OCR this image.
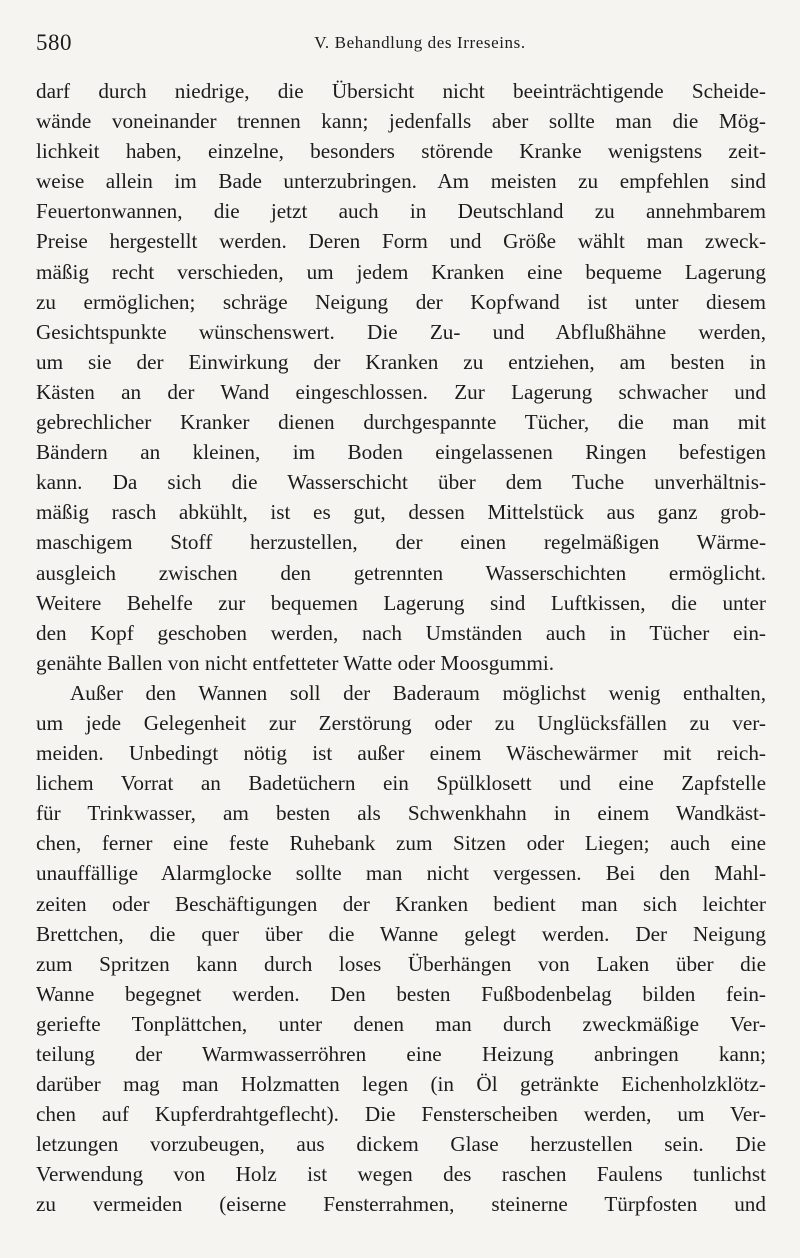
580	V. Behandlung des Irreseins.
darf durch niedrige, die Übersicht nicht beeinträchtigende Scheide-
wände voneinander trennen kann; jedenfalls aber sollte man die Mög-
lichkeit haben, einzelne, besonders störende Kranke wenigstens zeit-
weise allein im Bade unterzubringen. Am meisten zu empfehlen sind
Feuertonwannen, die jetzt auch in Deutschland zu annehmbarem
Preise hergestellt werden. Deren Form und Größe wählt man zweck-
mäßig recht verschieden, um jedem Kranken eine bequeme Lagerung
zu ermöglichen; schräge Neigung der Kopfwand ist unter diesem
Gesichtspunkte wünschenswert. Die Zu- und Abflußhähne werden,
um sie der Einwirkung der Kranken zu entziehen, am besten in
Kästen an der Wand eingeschlossen. Zur Lagerung schwacher und
gebrechlicher Kranker dienen durchgespannte Tücher, die man mit
Bändern an kleinen, im Boden eingelassenen Ringen befestigen
kann. Da sich die Wasserschicht über dem Tuche unverhältnis-
mäßig rasch abkühlt, ist es gut, dessen Mittelstück aus ganz grob-
maschigem Stoff herzustellen, der einen regelmäßigen Wärme-
ausgleich zwischen den getrennten Wasserschichten ermöglicht.
Weitere Behelfe zur bequemen Lagerung sind Luftkissen, die unter
den Kopf geschoben werden, nach Umständen auch in Tücher ein-
genähte Ballen von nicht entfetteter Watte oder Moosgummi.
Außer den Wannen soll der Baderaum möglichst wenig enthalten,
um jede Gelegenheit zur Zerstörung oder zu Unglücksfällen zu ver-
meiden. Unbedingt nötig ist außer einem Wäschewärmer mit reich-
lichem Vorrat an Badetüchern ein Spülklosett und eine Zapfstelle
für Trinkwasser, am besten als Schwenkhahn in einem Wandkäst-
chen, ferner eine feste Ruhebank zum Sitzen oder Liegen; auch eine
unauffällige Alarmglocke sollte man nicht vergessen. Bei den Mahl-
zeiten oder Beschäftigungen der Kranken bedient man sich leichter
Brettchen, die quer über die Wanne gelegt werden. Der Neigung
zum Spritzen kann durch loses Überhängen von Laken über die
Wanne begegnet werden. Den besten Fußbodenbelag bilden fein-
geriefte Tonplättchen, unter denen man durch zweckmäßige Ver-
teilung der Warmwasserröhren eine Heizung anbringen kann;
darüber mag man Holzmatten legen (in Öl getränkte Eichenholzklötz-
chen auf Kupferdrahtgeflecht). Die Fensterscheiben werden, um Ver-
letzungen vorzubeugen, aus dickem Glase herzustellen sein. Die
Verwendung von Holz ist wegen des raschen Faulens tunlichst
zu vermeiden (eiserne Fensterrahmen, steinerne Türpfosten und
